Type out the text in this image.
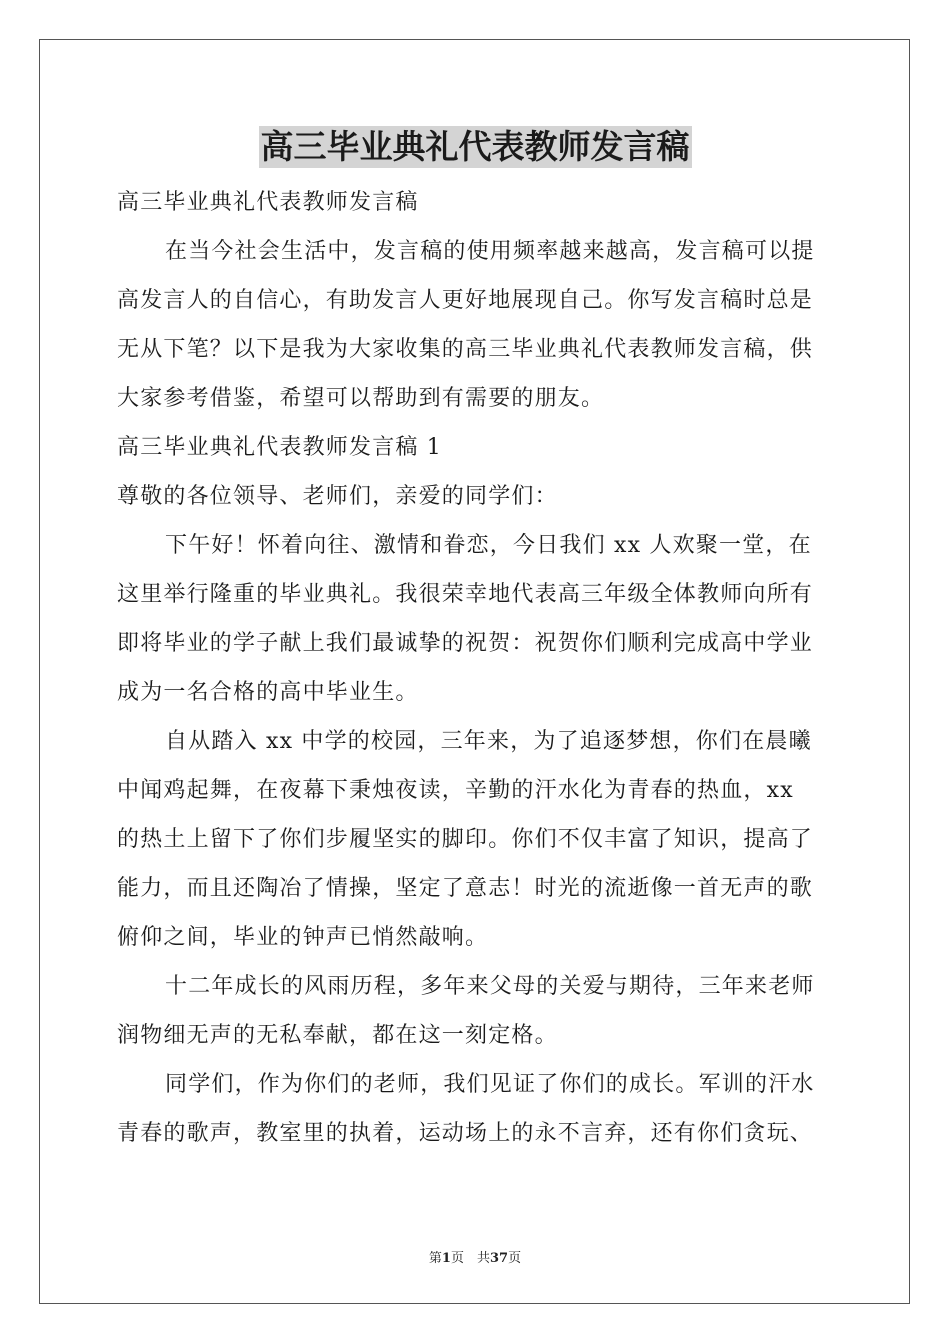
高三毕业典礼代表教师发言稿
高三毕业典礼代表教师发言稿
在当今社会生活中，发言稿的使用频率越来越高，发言稿可以提
高发言人的自信心，有助发言人更好地展现自己。你写发言稿时总是
无从下笔？以下是我为大家收集的高三毕业典礼代表教师发言稿，供
大家参考借鉴，希望可以帮助到有需要的朋友。
高三毕业典礼代表教师发言稿 1
尊敬的各位领导、老师们，亲爱的同学们：
下午好！怀着向往、激情和眷恋，今日我们 xx 人欢聚一堂，在
这里举行隆重的毕业典礼。我很荣幸地代表高三年级全体教师向所有
即将毕业的学子献上我们最诚挚的祝贺：祝贺你们顺利完成高中学业
成为一名合格的高中毕业生。
自从踏入 xx 中学的校园，三年来，为了追逐梦想，你们在晨曦
中闻鸡起舞，在夜幕下秉烛夜读，辛勤的汗水化为青春的热血，xx
的热土上留下了你们步履坚实的脚印。你们不仅丰富了知识，提高了
能力，而且还陶冶了情操，坚定了意志！时光的流逝像一首无声的歌
俯仰之间，毕业的钟声已悄然敲响。
十二年成长的风雨历程，多年来父母的关爱与期待，三年来老师
润物细无声的无私奉献，都在这一刻定格。
同学们，作为你们的老师，我们见证了你们的成长。军训的汗水
青春的歌声，教室里的执着，运动场上的永不言弃，还有你们贪玩、
第1页　共37页
